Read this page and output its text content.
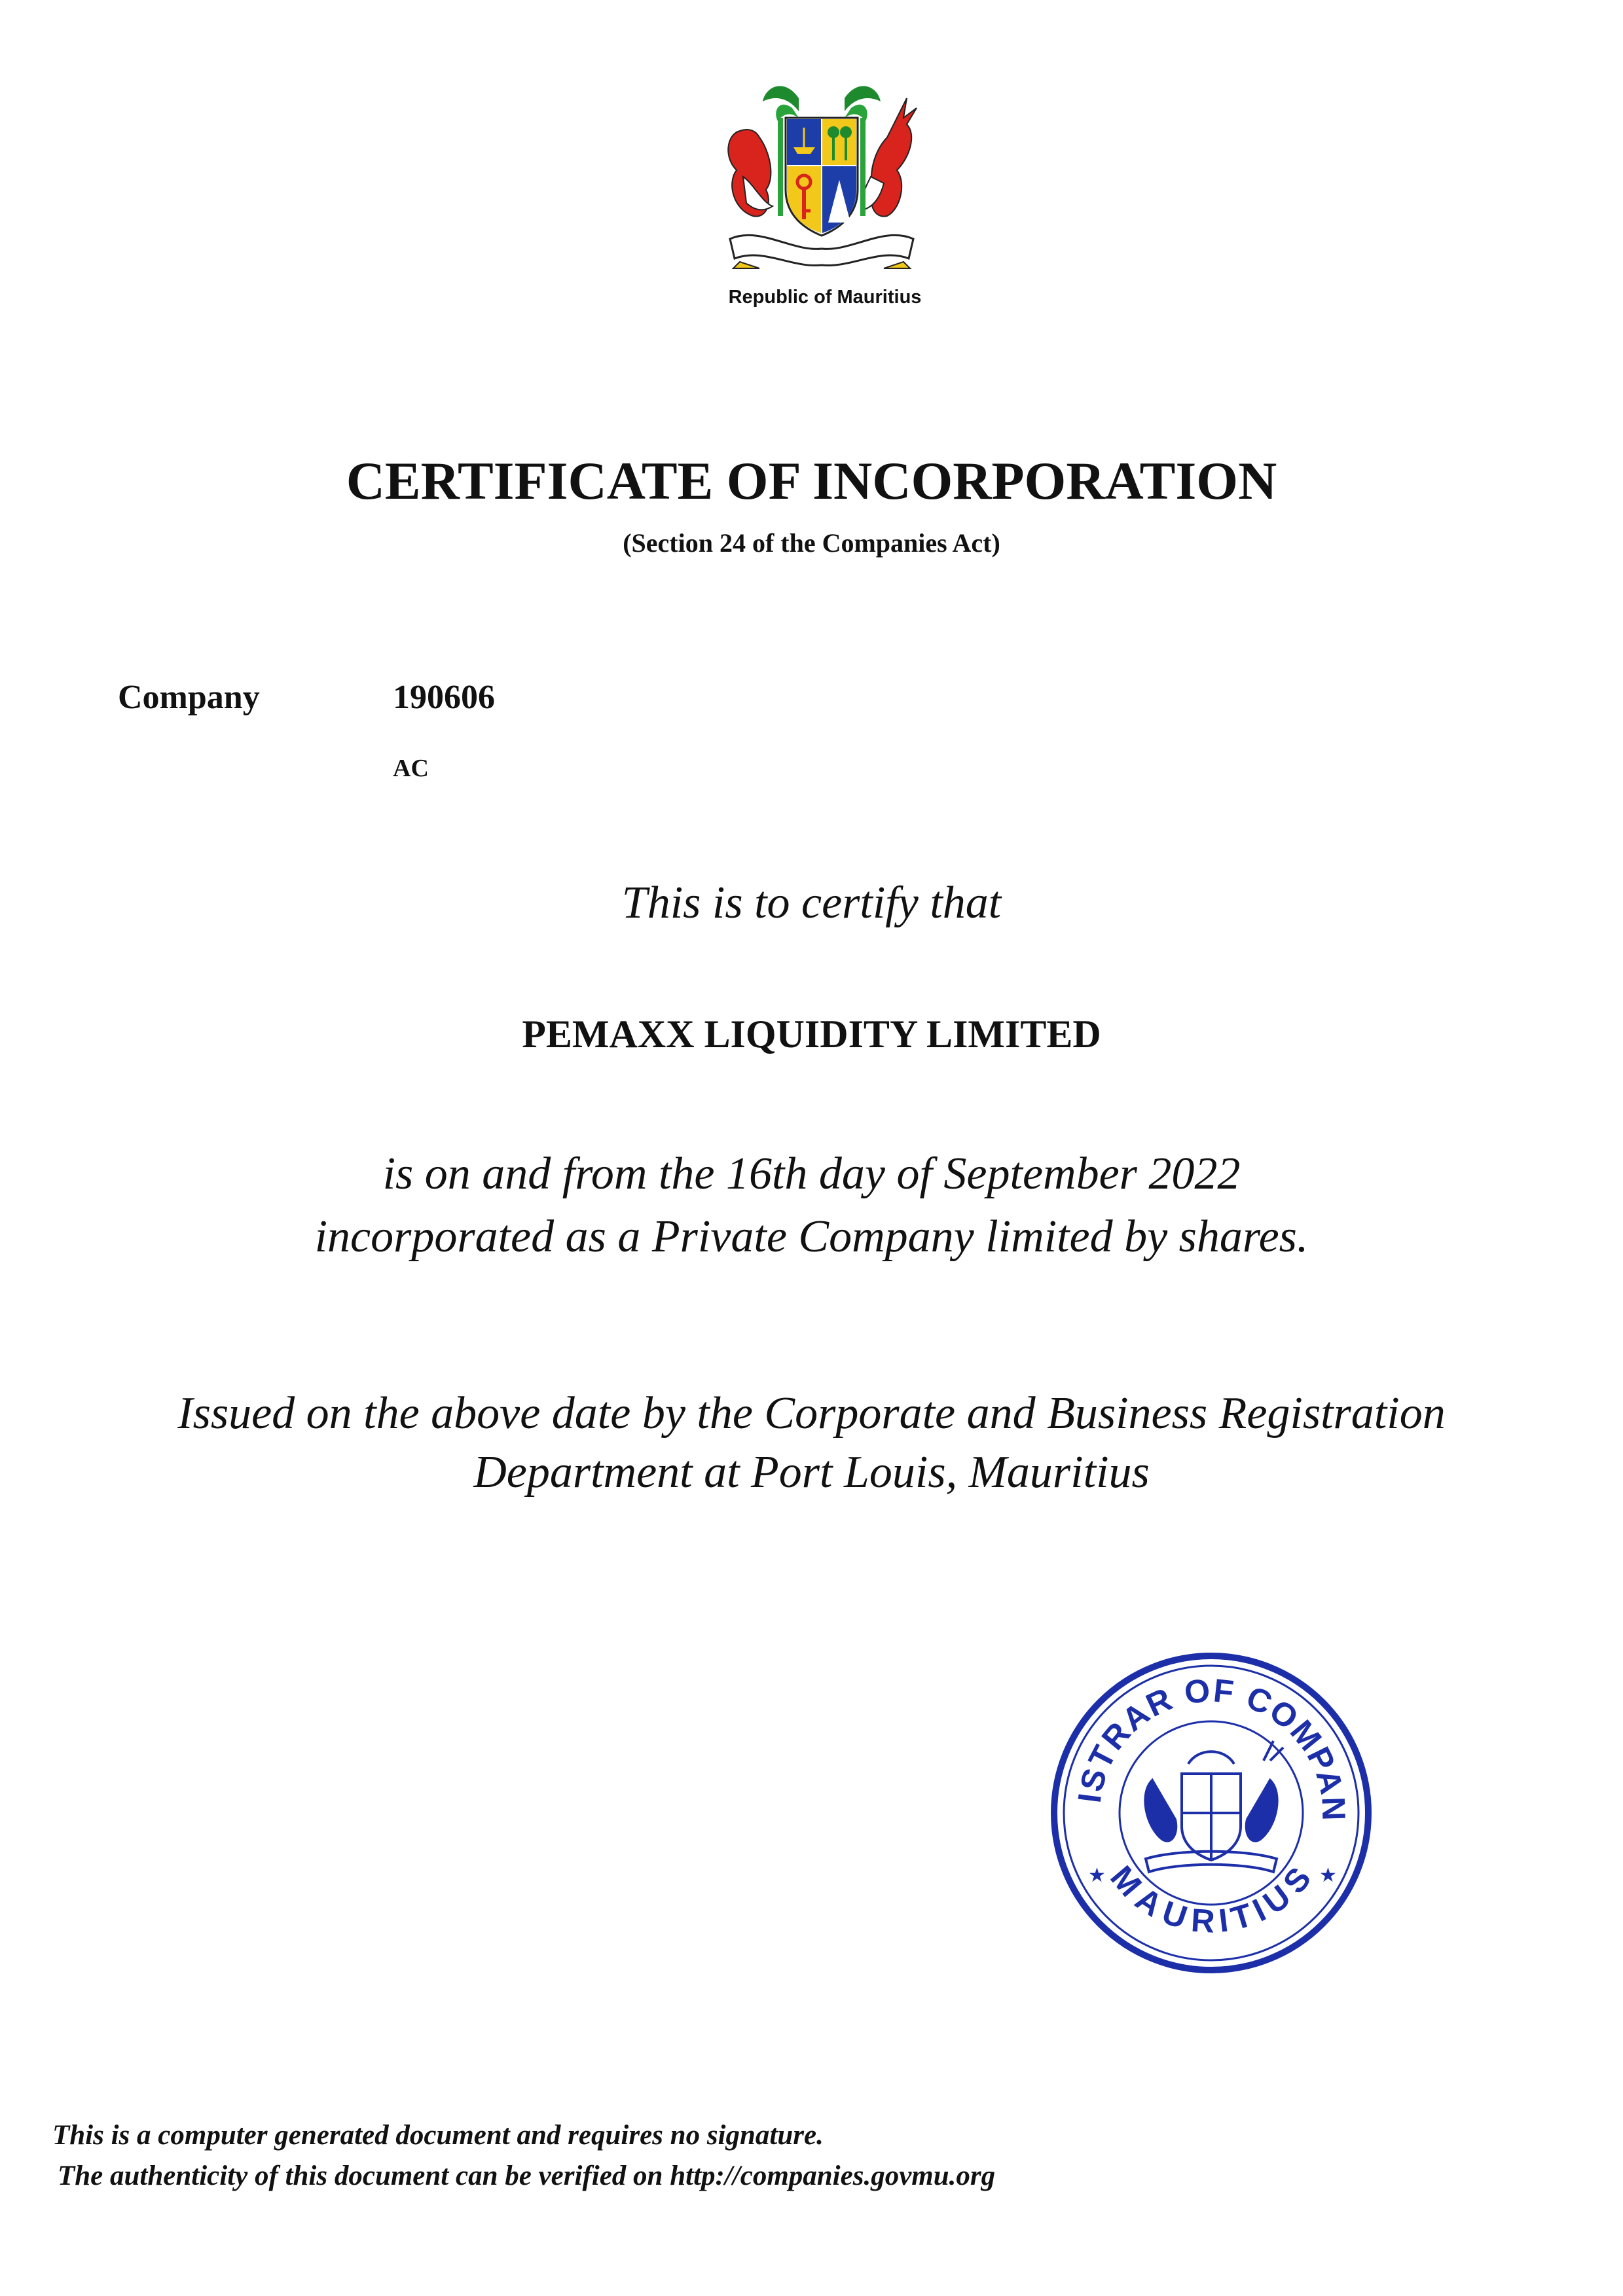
Republic of Mauritius
CERTIFICATE OF INCORPORATION
(Section 24 of the Companies Act)
Company	190606
AC
This is to certify that
PEMAXX LIQUIDITY LIMITED
is on and from the 16th day of September 2022
incorporated as a Private Company limited by shares.
Issued on the above date by the Corporate and Business Registration
Department at Port Louis, Mauritius
ISTRAR OF COMPAN
MAURITIUS
★	★
This is a computer generated document and requires no signature.
The authenticity of this document can be verified on http://companies.govmu.org
